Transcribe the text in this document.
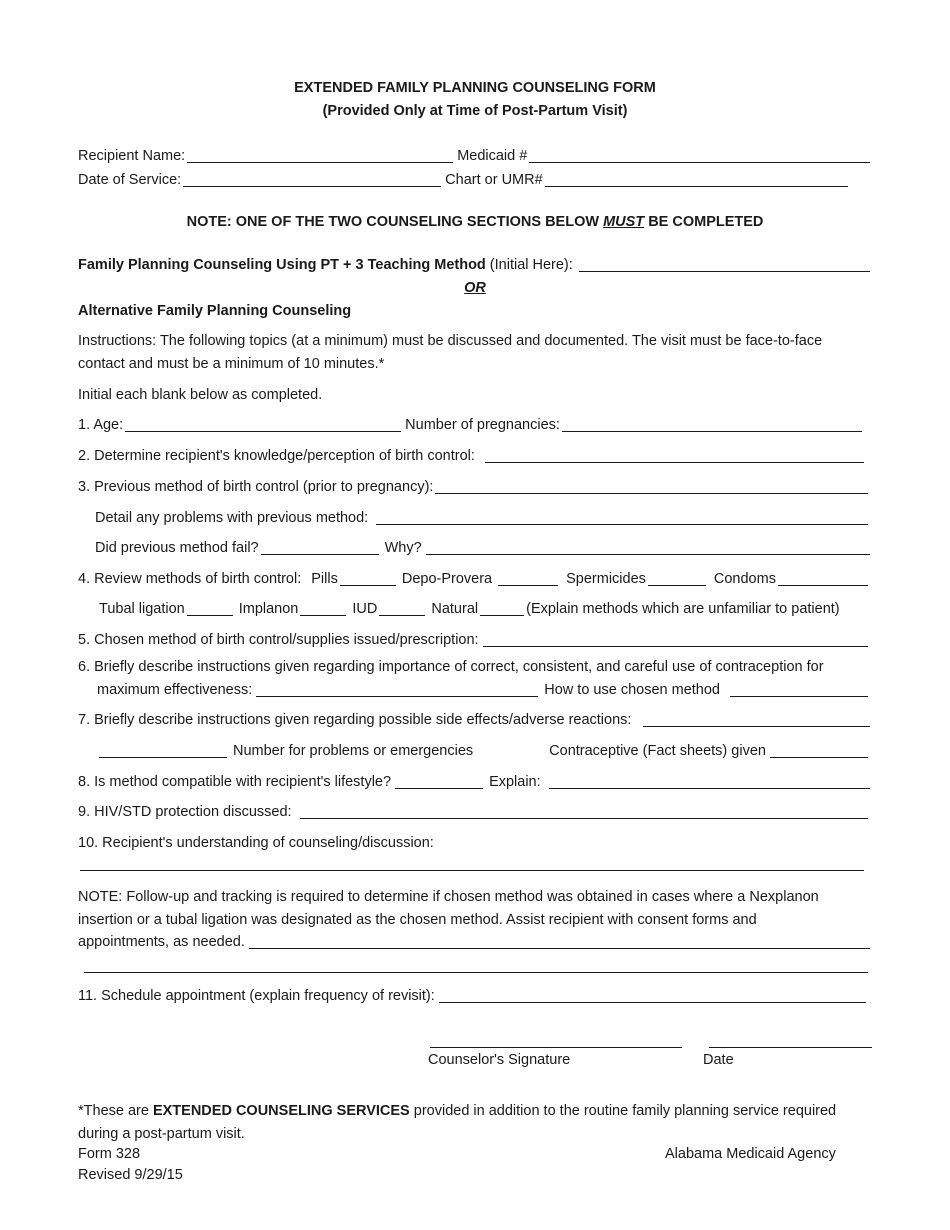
EXTENDED FAMILY PLANNING COUNSELING FORM
(Provided Only at Time of Post-Partum Visit)
Recipient Name:	Medicaid #
Date of Service:	Chart or UMR#
NOTE: ONE OF THE TWO COUNSELING SECTIONS BELOW MUST BE COMPLETED
Family Planning Counseling Using PT + 3 Teaching Method (Initial Here):
OR
Alternative Family Planning Counseling
Instructions: The following topics (at a minimum) must be discussed and documented. The visit must be face-to-face contact and must be a minimum of 10 minutes.*
Initial each blank below as completed.
1. Age:	Number of pregnancies:
2. Determine recipient's knowledge/perception of birth control:
3. Previous method of birth control (prior to pregnancy):
Detail any problems with previous method:
Did previous method fail?	Why?
4. Review methods of birth control: Pills	Depo-Provera	Spermicides	Condoms
Tubal ligation	Implanon	IUD	Natural	(Explain methods which are unfamiliar to patient)
5. Chosen method of birth control/supplies issued/prescription:
6. Briefly describe instructions given regarding importance of correct, consistent, and careful use of contraception for
maximum effectiveness:	How to use chosen method
7. Briefly describe instructions given regarding possible side effects/adverse reactions:
Number for problems or emergencies	Contraceptive (Fact sheets) given
8. Is method compatible with recipient's lifestyle?	Explain:
9. HIV/STD protection discussed:
10. Recipient's understanding of counseling/discussion:
NOTE: Follow-up and tracking is required to determine if chosen method was obtained in cases where a Nexplanon insertion or a tubal ligation was designated as the chosen method. Assist recipient with consent forms and
appointments, as needed.
11. Schedule appointment (explain frequency of revisit):
Counselor's Signature	Date
*These are EXTENDED COUNSELING SERVICES provided in addition to the routine family planning service required during a post-partum visit.
Form 328
Revised 9/29/15
Alabama Medicaid Agency
